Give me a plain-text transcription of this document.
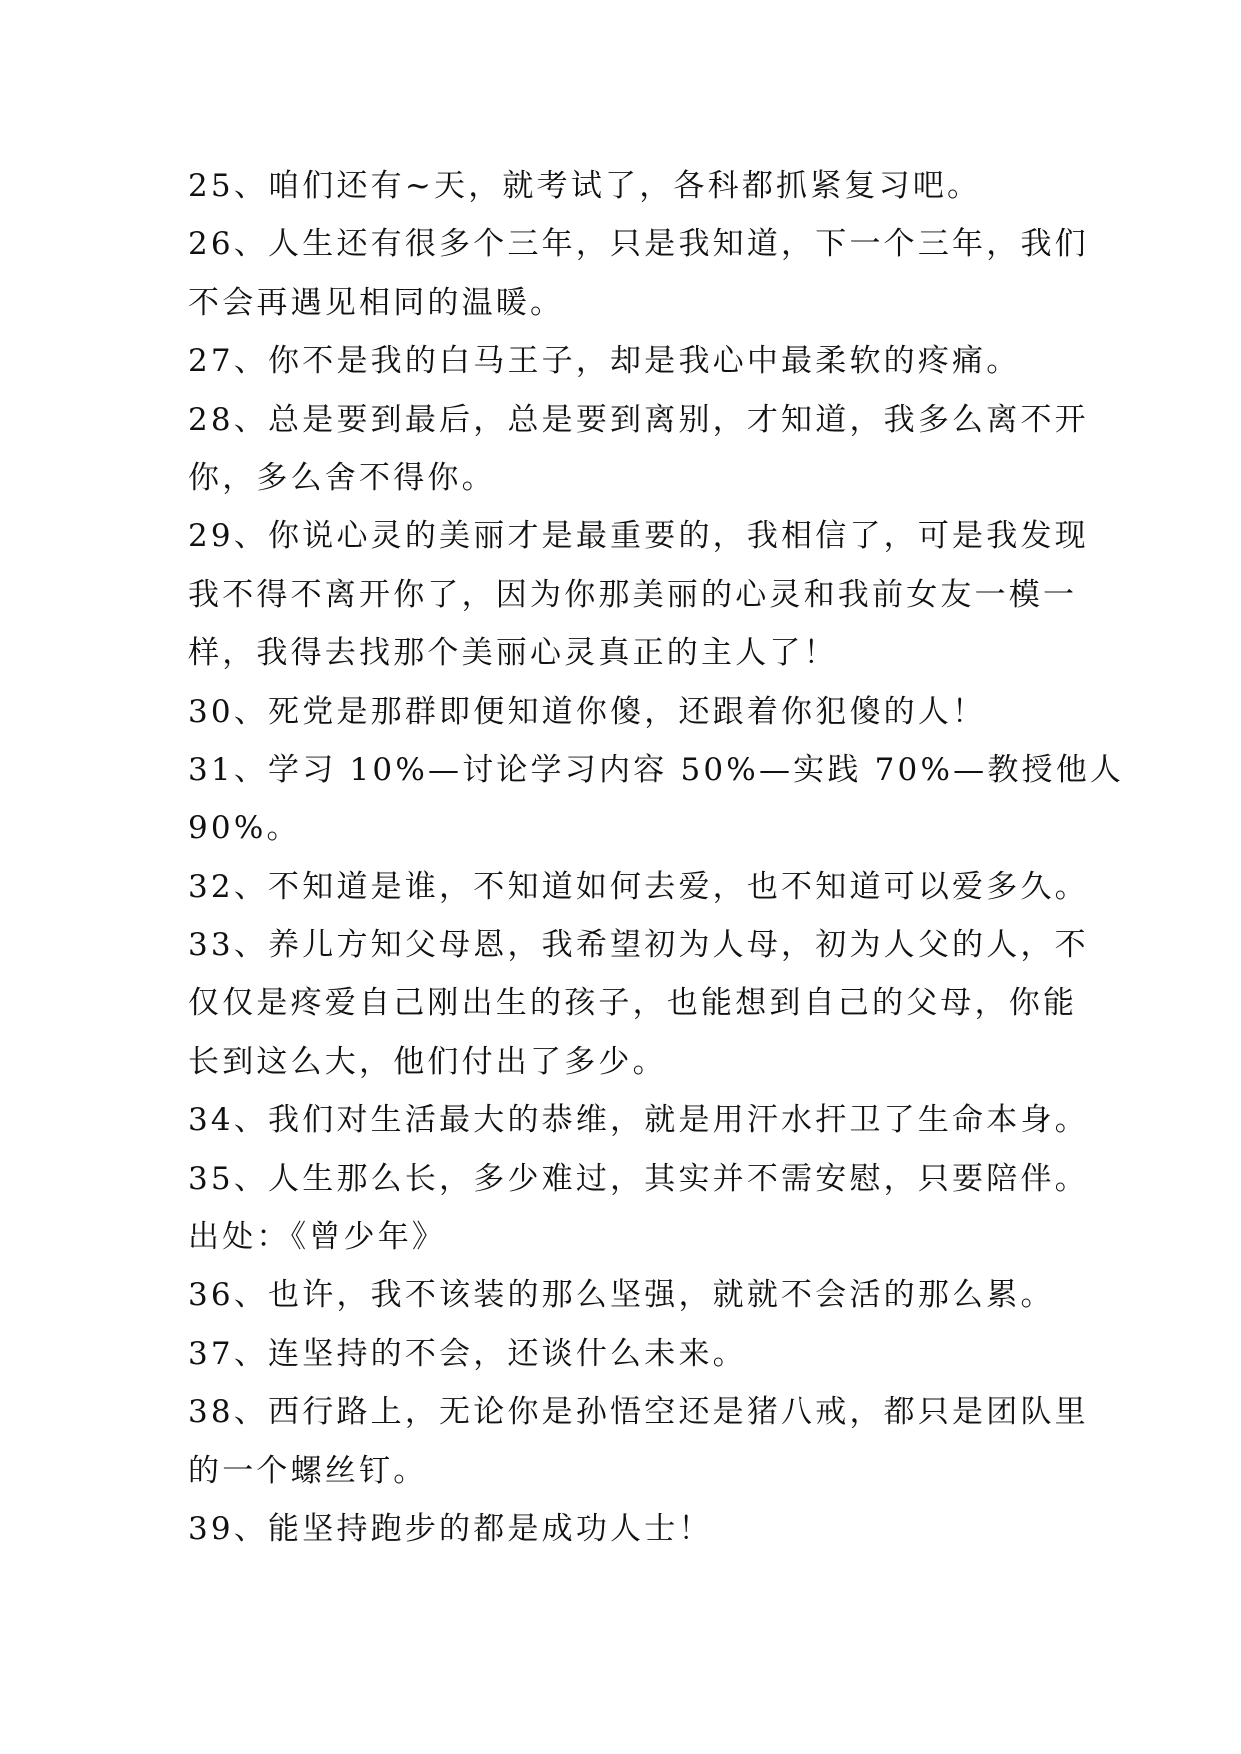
25、咱们还有~天，就考试了，各科都抓紧复习吧。

26、人生还有很多个三年，只是我知道，下一个三年，我们
不会再遇见相同的温暖。

27、你不是我的白马王子，却是我心中最柔软的疼痛。

28、总是要到最后，总是要到离别，才知道，我多么离不开
你，多么舍不得你。

29、你说心灵的美丽才是最重要的，我相信了，可是我发现
我不得不离开你了，因为你那美丽的心灵和我前女友一模一
样，我得去找那个美丽心灵真正的主人了！

30、死党是那群即便知道你傻，还跟着你犯傻的人！

31、学习 10%—讨论学习内容 50%—实践 70%—教授他人
90%。

32、不知道是谁，不知道如何去爱，也不知道可以爱多久。

33、养儿方知父母恩，我希望初为人母，初为人父的人，不
仅仅是疼爱自己刚出生的孩子，也能想到自己的父母，你能
长到这么大，他们付出了多少。

34、我们对生活最大的恭维，就是用汗水扞卫了生命本身。

35、人生那么长，多少难过，其实并不需安慰，只要陪伴。
出处：《曾少年》

36、也许，我不该装的那么坚强，就就不会活的那么累。

37、连坚持的不会，还谈什么未来。

38、西行路上，无论你是孙悟空还是猪八戒，都只是团队里
的一个螺丝钉。

39、能坚持跑步的都是成功人士！
